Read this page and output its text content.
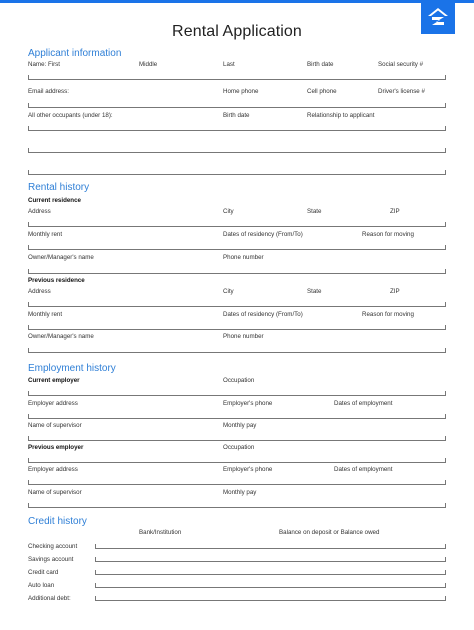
Rental Application
Applicant information
Name: First	Middle	Last	Birth date	Social security #
Email address:	Home phone	Cell phone	Driver's license #
All other occupants (under 18):	Birth date	Relationship to applicant
Rental history
Current residence
Address	City	State	ZIP
Monthly rent	Dates of residency (From/To)	Reason for moving
Owner/Manager's name	Phone number
Previous residence
Address	City	State	ZIP
Monthly rent	Dates of residency (From/To)	Reason for moving
Owner/Manager's name	Phone number
Employment history
Current employer	Occupation
Employer address	Employer's phone	Dates of employment
Name of supervisor	Monthly pay
Previous employer	Occupation
Employer address	Employer's phone	Dates of employment
Name of supervisor	Monthly pay
Credit history
Bank/Institution	Balance on deposit or Balance owed
Checking account
Savings account
Credit card
Auto loan
Additional debt:
